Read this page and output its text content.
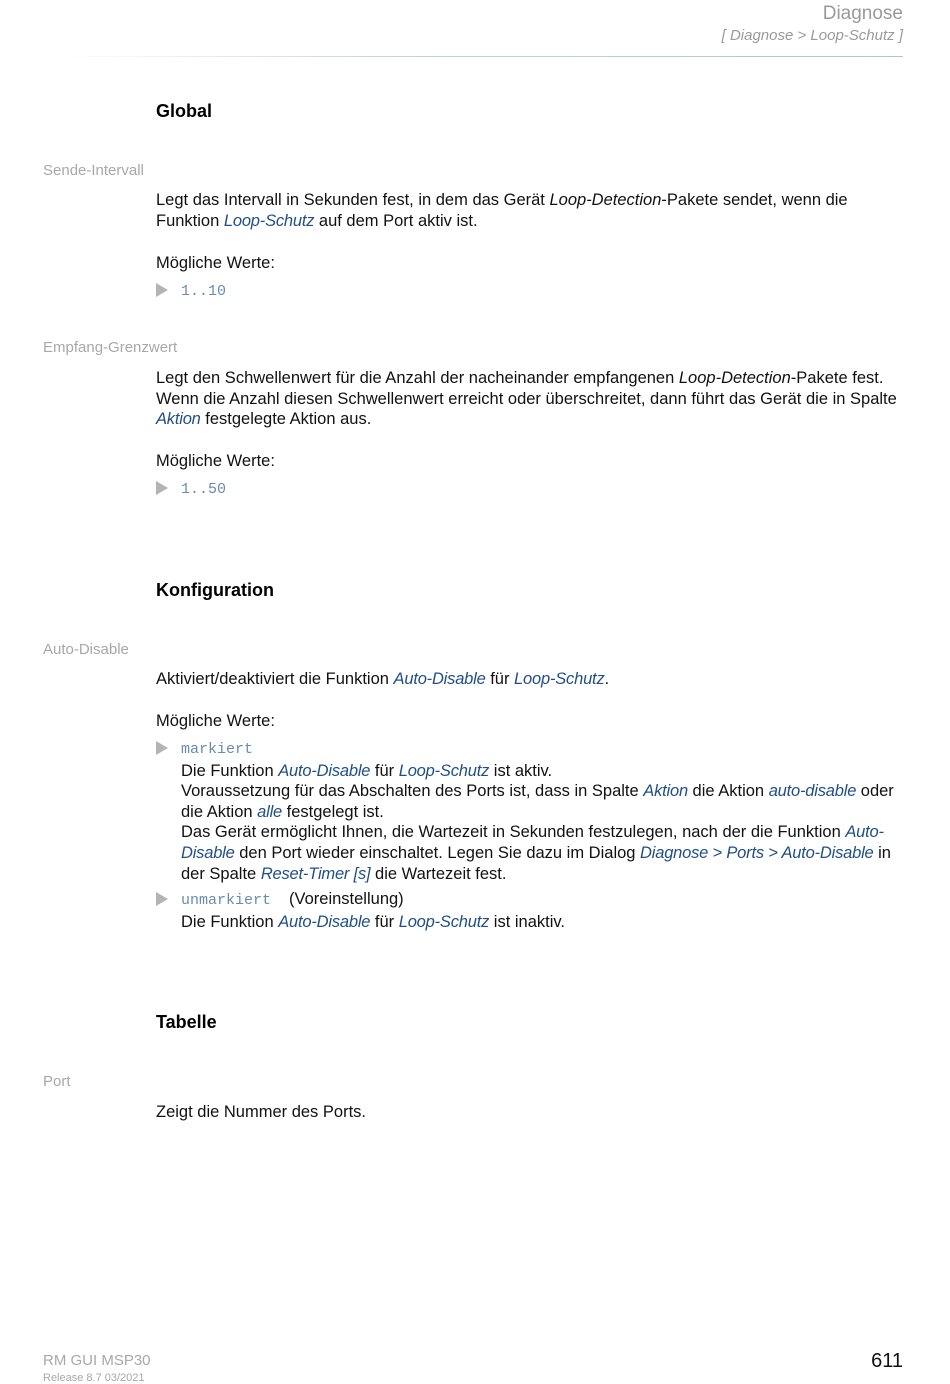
Diagnose
[ Diagnose > Loop-Schutz ]
Global
Sende-Intervall
Legt das Intervall in Sekunden fest, in dem das Gerät Loop-Detection-Pakete sendet, wenn die Funktion Loop-Schutz auf dem Port aktiv ist.
Mögliche Werte:
1..10
Empfang-Grenzwert
Legt den Schwellenwert für die Anzahl der nacheinander empfangenen Loop-Detection-Pakete fest. Wenn die Anzahl diesen Schwellenwert erreicht oder überschreitet, dann führt das Gerät die in Spalte Aktion festgelegte Aktion aus.
Mögliche Werte:
1..50
Konfiguration
Auto-Disable
Aktiviert/deaktiviert die Funktion Auto-Disable für Loop-Schutz.
Mögliche Werte:
markiert
Die Funktion Auto-Disable für Loop-Schutz ist aktiv.
Voraussetzung für das Abschalten des Ports ist, dass in Spalte Aktion die Aktion auto-disable oder die Aktion alle festgelegt ist.
Das Gerät ermöglicht Ihnen, die Wartezeit in Sekunden festzulegen, nach der die Funktion Auto-Disable den Port wieder einschaltet. Legen Sie dazu im Dialog Diagnose > Ports > Auto-Disable in der Spalte Reset-Timer [s] die Wartezeit fest.
unmarkiert (Voreinstellung)
Die Funktion Auto-Disable für Loop-Schutz ist inaktiv.
Tabelle
Port
Zeigt die Nummer des Ports.
RM GUI MSP30
Release 8.7 03/2021
611
